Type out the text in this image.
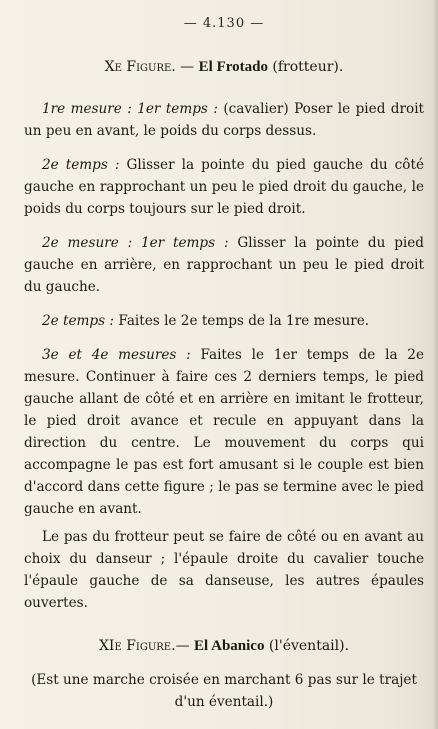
— 4.130 —
Xe Figure. — El Frotado (frotteur).

1re mesure : 1er temps : (cavalier) Poser le pied droit un peu en avant, le poids du corps dessus.

2e temps : Glisser la pointe du pied gauche du côté gauche en rapprochant un peu le pied droit du gauche, le poids du corps toujours sur le pied droit.

2e mesure : 1er temps : Glisser la pointe du pied gauche en arrière, en rapprochant un peu le pied droit du gauche.

2e temps : Faites le 2e temps de la 1re mesure.

3e et 4e mesures : Faites le 1er temps de la 2e mesure. Continuer à faire ces 2 derniers temps, le pied gauche allant de côté et en arrière en imitant le frotteur, le pied droit avance et recule en appuyant dans la direction du centre. Le mouvement du corps qui accompagne le pas est fort amusant si le couple est bien d'accord dans cette figure ; le pas se termine avec le pied gauche en avant.

Le pas du frotteur peut se faire de côté ou en avant au choix du danseur ; l'épaule droite du cavalier touche l'épaule gauche de sa danseuse, les autres épaules ouvertes.

XIe Figure.— El Abanico (l'éventail).

(Est une marche croisée en marchant 6 pas sur le trajet d'un éventail.)
